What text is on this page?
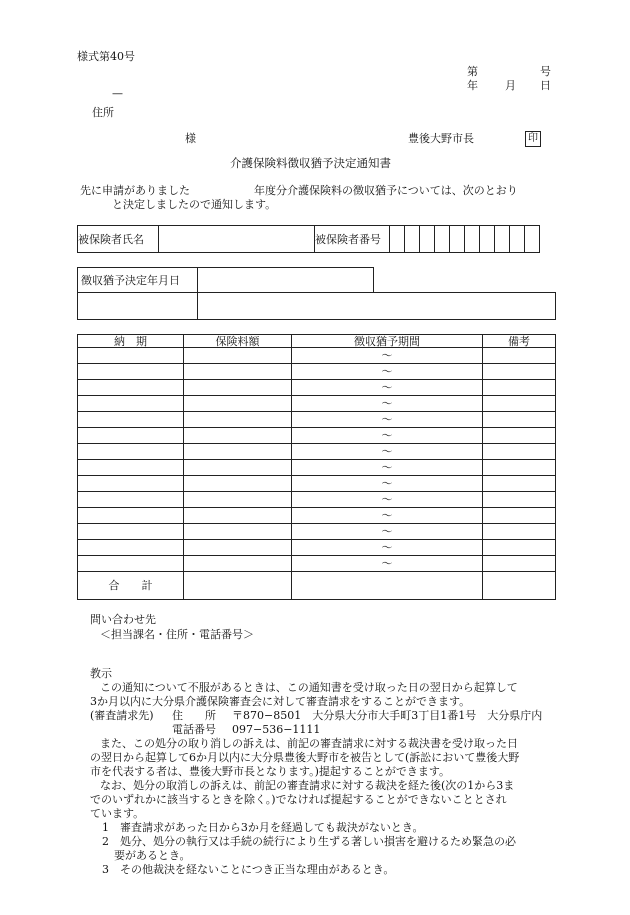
様式第40号
第	号
年 月 日
—
住所
様	豊後大野市長	印
介護保険料徴収猶予決定通知書
先に申請がありました	年度分介護保険料の徴収猶予については、次のとおり
と決定しましたので通知します。
被保険者氏名		被保険者番号										
徴収猶予決定年月日		

納　期	保険料額	徴収猶予期間	備考
		〜	
		〜	
		〜	
		〜	
		〜	
		〜	
		〜	
		〜	
		〜	
		〜	
		〜	
		〜	
		〜	
		〜	
合　　計			
問い合わせ先
＜担当課名・住所・電話番号＞
教示
この通知について不服があるときは、この通知書を受け取った日の翌日から起算して
3か月以内に大分県介護保険審査会に対して審査請求をすることができます。
(審査請求先) 住　　所 〒870−8501　大分県大分市大手町3丁目1番1号　大分県庁内
電話番号 097−536−1111
また、この処分の取り消しの訴えは、前記の審査請求に対する裁決書を受け取った日
の翌日から起算して6か月以内に大分県豊後大野市を被告として(訴訟において豊後大野
市を代表する者は、豊後大野市長となります。)提起することができます。
なお、処分の取消しの訴えは、前記の審査請求に対する裁決を経た後(次の1から3ま
でのいずれかに該当するときを除く。)でなければ提起することができないこととされ
ています。
1　審査請求があった日から3か月を経過しても裁決がないとき。
2　処分、処分の執行又は手続の続行により生ずる著しい損害を避けるため緊急の必
要があるとき。
3　その他裁決を経ないことにつき正当な理由があるとき。
